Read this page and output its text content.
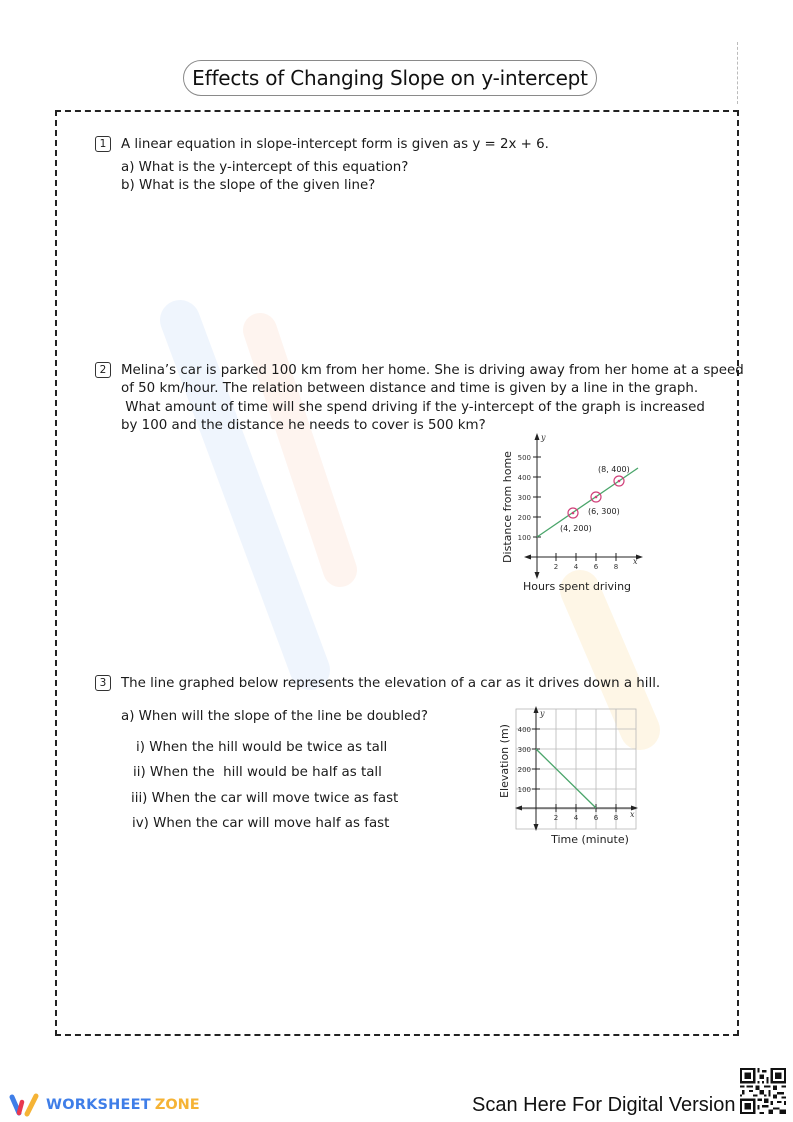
Effects of Changing Slope on y-intercept
1 A linear equation in slope-intercept form is given as y = 2x + 6.
a) What is the y-intercept of this equation?
b) What is the slope of the given line?
2 Melina’s car is parked 100 km from her home. She is driving away from her home at a speed
of 50 km/hour. The relation between distance and time is given by a line in the graph.
What amount of time will she spend driving if the y-intercept of the graph is increased
by 100 and the distance he needs to cover is 500 km?
100
200
300
400
500
2 4 6 8
y
x
(4, 200)
(6, 300)
(8, 400)
Distance from home
Hours spent driving
3 The line graphed below represents the elevation of a car as it drives down a hill.
a) When will the slope of the line be doubled?
i) When the hill would be twice as tall
ii) When the  hill would be half as tall
iii) When the car will move twice as fast
iv) When the car will move half as fast
100
200
300
400
2 4 6 8
y
x
Elevation (m)
Time (minute)
WORKSHEET ZONE	Scan Here For Digital Version
